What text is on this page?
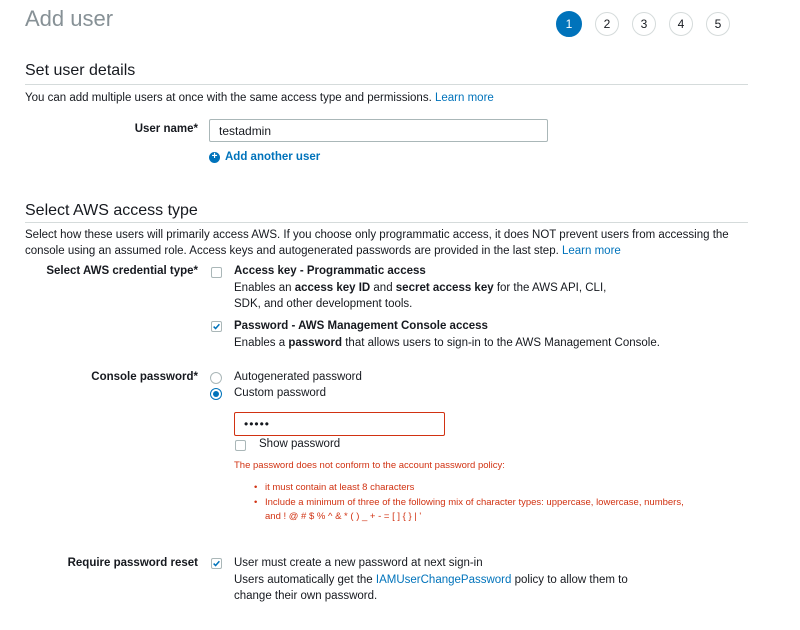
Add user	1	2	3	4	5
Set user details
You can add multiple users at once with the same access type and permissions. Learn more
User name*
testadmin
+ Add another user
Select AWS access type
Select how these users will primarily access AWS. If you choose only programmatic access, it does NOT prevent users from accessing the console using an assumed role. Access keys and autogenerated passwords are provided in the last step. Learn more
Select AWS credential type*	Access key - Programmatic access
Enables an access key ID and secret access key for the AWS API, CLI, SDK, and other development tools.
Password - AWS Management Console access
Enables a password that allows users to sign-in to the AWS Management Console.
Console password*	Autogenerated password
Custom password
•••••
Show password
The password does not conform to the account password policy:
• it must contain at least 8 characters
• Include a minimum of three of the following mix of character types: uppercase, lowercase, numbers, and ! @ # $ % ^ & * ( ) _ + - = [ ] { } | '
Require password reset	User must create a new password at next sign-in
Users automatically get the IAMUserChangePassword policy to allow them to change their own password.
